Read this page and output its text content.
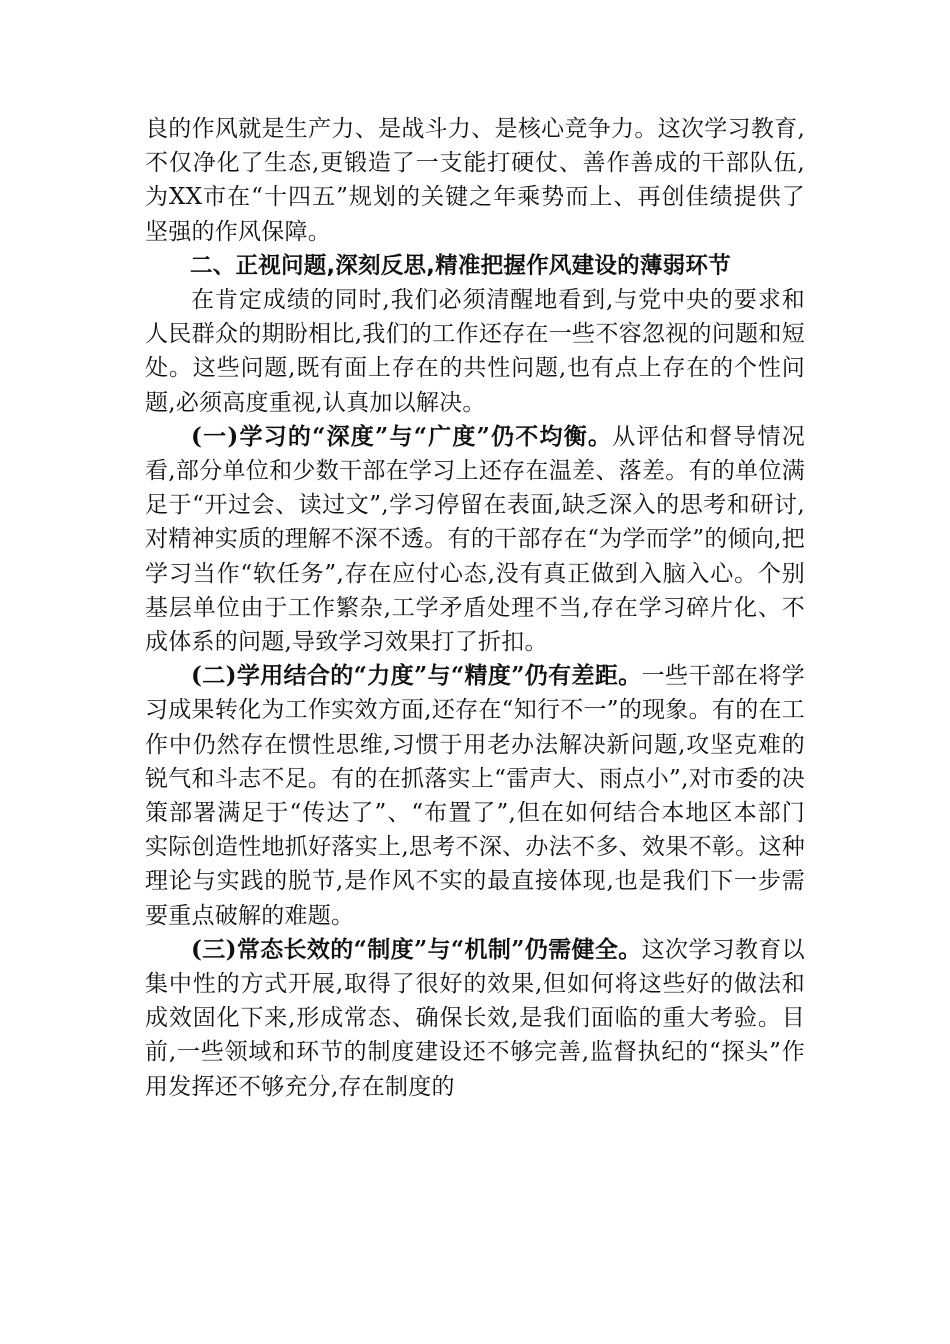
良的作风就是生产力、是战斗力、是核心竞争力。这次学习教育,不仅净化了生态,更锻造了一支能打硬仗、善作善成的干部队伍,为XX市在“十四五”规划的关键之年乘势而上、再创佳绩提供了坚强的作风保障。

二、正视问题,深刻反思,精准把握作风建设的薄弱环节

在肯定成绩的同时,我们必须清醒地看到,与党中央的要求和人民群众的期盼相比,我们的工作还存在一些不容忽视的问题和短处。这些问题,既有面上存在的共性问题,也有点上存在的个性问题,必须高度重视,认真加以解决。

(一)学习的“深度”与“广度”仍不均衡。从评估和督导情况看,部分单位和少数干部在学习上还存在温差、落差。有的单位满足于“开过会、读过文”,学习停留在表面,缺乏深入的思考和研讨,对精神实质的理解不深不透。有的干部存在“为学而学”的倾向,把学习当作“软任务”,存在应付心态,没有真正做到入脑入心。个别基层单位由于工作繁杂,工学矛盾处理不当,存在学习碎片化、不成体系的问题,导致学习效果打了折扣。

(二)学用结合的“力度”与“精度”仍有差距。一些干部在将学习成果转化为工作实效方面,还存在“知行不一”的现象。有的在工作中仍然存在惯性思维,习惯于用老办法解决新问题,攻坚克难的锐气和斗志不足。有的在抓落实上“雷声大、雨点小”,对市委的决策部署满足于“传达了”、“布置了”,但在如何结合本地区本部门实际创造性地抓好落实上,思考不深、办法不多、效果不彰。这种理论与实践的脱节,是作风不实的最直接体现,也是我们下一步需要重点破解的难题。

(三)常态长效的“制度”与“机制”仍需健全。这次学习教育以集中性的方式开展,取得了很好的效果,但如何将这些好的做法和成效固化下来,形成常态、确保长效,是我们面临的重大考验。目前,一些领域和环节的制度建设还不够完善,监督执纪的“探头”作用发挥还不够充分,存在制度的
